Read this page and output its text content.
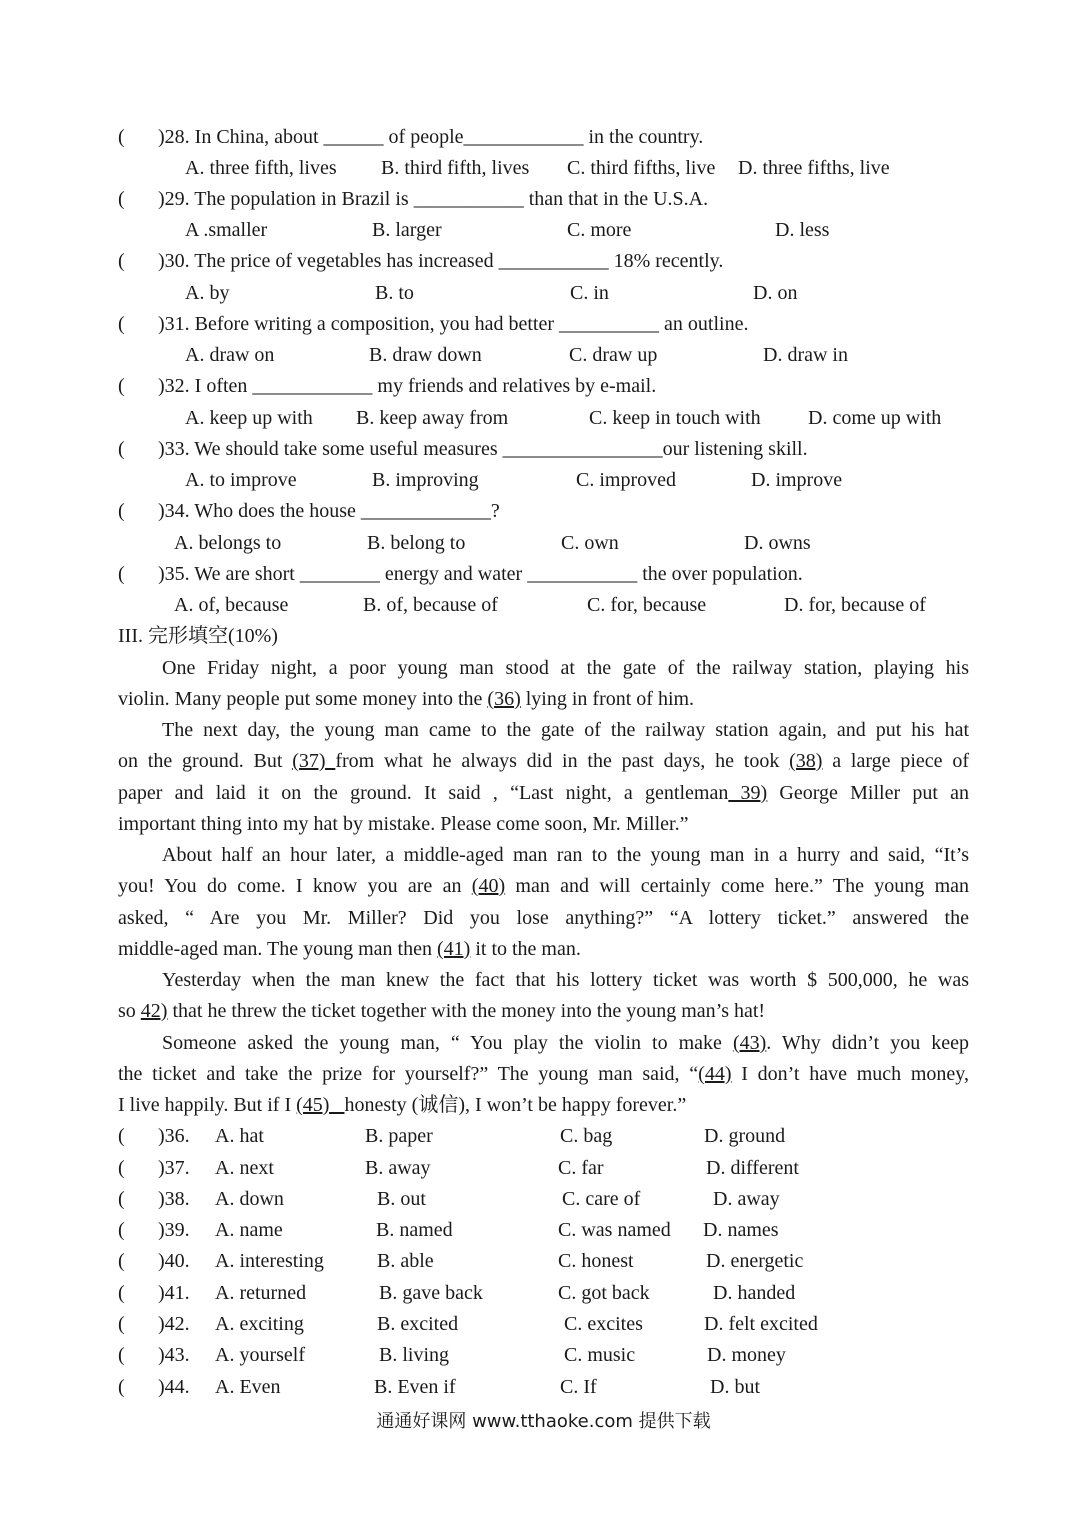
( )28. In China, about ______ of people____________ in the country.
A. three fifth, lives B. third fifth, lives C. third fifths, live D. three fifths, live
( )29. The population in Brazil is ___________ than that in the U.S.A.
A .smaller	B. larger	C. more	D. less
( )30. The price of vegetables has increased ___________ 18% recently.
A. by	B. to	C. in	D. on
( )31. Before writing a composition, you had better __________ an outline.
A. draw on	B. draw down	C. draw up	D. draw in
( )32. I often ____________ my friends and relatives by e-mail.
A. keep up with B. keep away from	C. keep in touch with D. come up with
( )33. We should take some useful measures ________________our listening skill.
A. to improve	B. improving	C. improved	D. improve
( )34. Who does the house _____________?
A. belongs to	B. belong to	C. own	D. owns
( )35. We are short ________ energy and water ___________ the over population.
A. of, because	B. of, because of	C. for, because	D. for, because of
III. 完形填空(10%)
One Friday night, a poor young man stood at the gate of the railway station, playing his
violin. Many people put some money into the (36) lying in front of him.
The next day, the young man came to the gate of the railway station again, and put his hat
on the ground. But (37) from what he always did in the past days, he took (38) a large piece of
paper and laid it on the ground. It said , “Last night, a gentleman 39) George Miller put an
important thing into my hat by mistake. Please come soon, Mr. Miller.”
About half an hour later, a middle-aged man ran to the young man in a hurry and said, “It’s
you! You do come. I know you are an (40) man and will certainly come here.” The young man
asked, “ Are you Mr. Miller? Did you lose anything?” “A lottery ticket.” answered the
middle-aged man. The young man then (41) it to the man.
Yesterday when the man knew the fact that his lottery ticket was worth $ 500,000, he was
so 42) that he threw the ticket together with the money into the young man’s hat!
Someone asked the young man, “ You play the violin to make (43). Why didn’t you keep
the ticket and take the prize for yourself?” The young man said, “(44) I don’t have much money,
I live happily. But if I (45)   honesty (诚信), I won’t be happy forever.”
( )36. A. hat	B. paper	C. bag	D. ground
( )37. A. next	B. away	C. far	D. different
( )38. A. down	B. out	C. care of	D. away
( )39. A. name	B. named	C. was named D. names
( )40. A. interesting	B. able	C. honest	D. energetic
( )41. A. returned	B. gave back	C. got back	D. handed
( )42. A. exciting	B. excited	C. excites	D. felt excited
( )43. A. yourself	B. living	C. music	D. money
( )44. A. Even	B. Even if	C. If	D. but
通通好课网 www.tthaoke.com 提供下载
